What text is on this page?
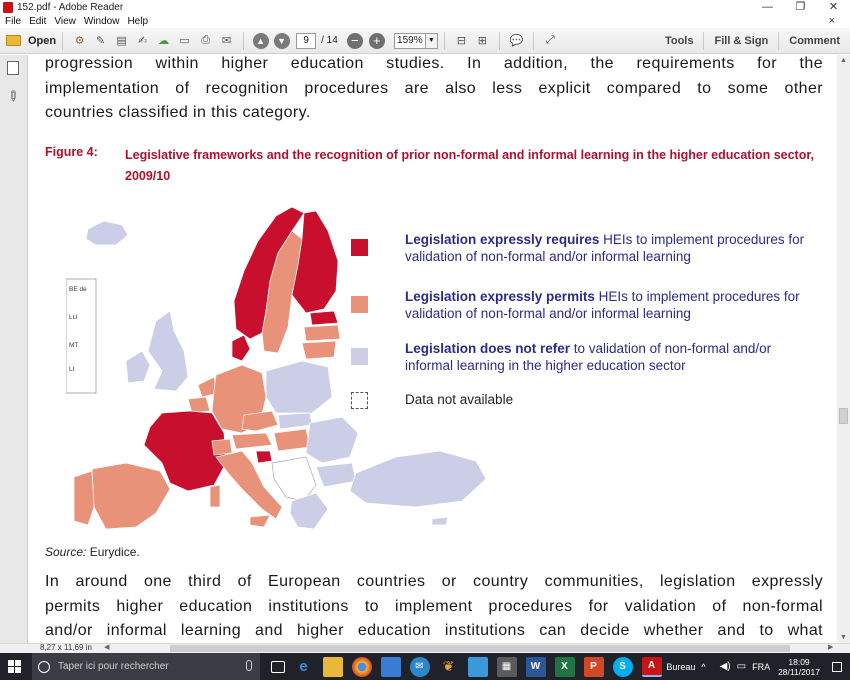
152.pdf - Adobe Reader	—	❐	✕
File Edit View Window Help	×
Open ⚙	✎	▤	✍ ☁ ▭	⎙	✉	▲	▼	9	/ 14	−	+	159% ▼	⊟	⊞	💬	⤢	Tools	Fill & Sign	Comment
✎
progression within higher education studies. In addition, the requirements for the
implementation of recognition procedures are also less explicit compared to some other
countries classified in this category.
Figure 4: Legislative frameworks and the recognition of prior non-formal and informal learning in the higher education sector, 2009/10
BE de
LU
MT
LI
Legislation expressly requires HEIs to implement procedures for validation of non-formal and/or informal learning
Legislation expressly permits HEIs to implement procedures for validation of non-formal and/or informal learning
Legislation does not refer to validation of non-formal and/or informal learning in the higher education sector
Data not available
Source: Eurydice.
In around one third of European countries or country communities, legislation expressly
permits higher education institutions to implement procedures for validation of non-formal
and/or informal learning and higher education institutions can decide whether and to what
▲
▼
8,27 x 11,69 in ◀	▶
Taper ici pour rechercher	e	✉	❦	▦	W	X	P	S	A	Bureau ^ ◀) ▭ FRA	18:09
28/11/2017
